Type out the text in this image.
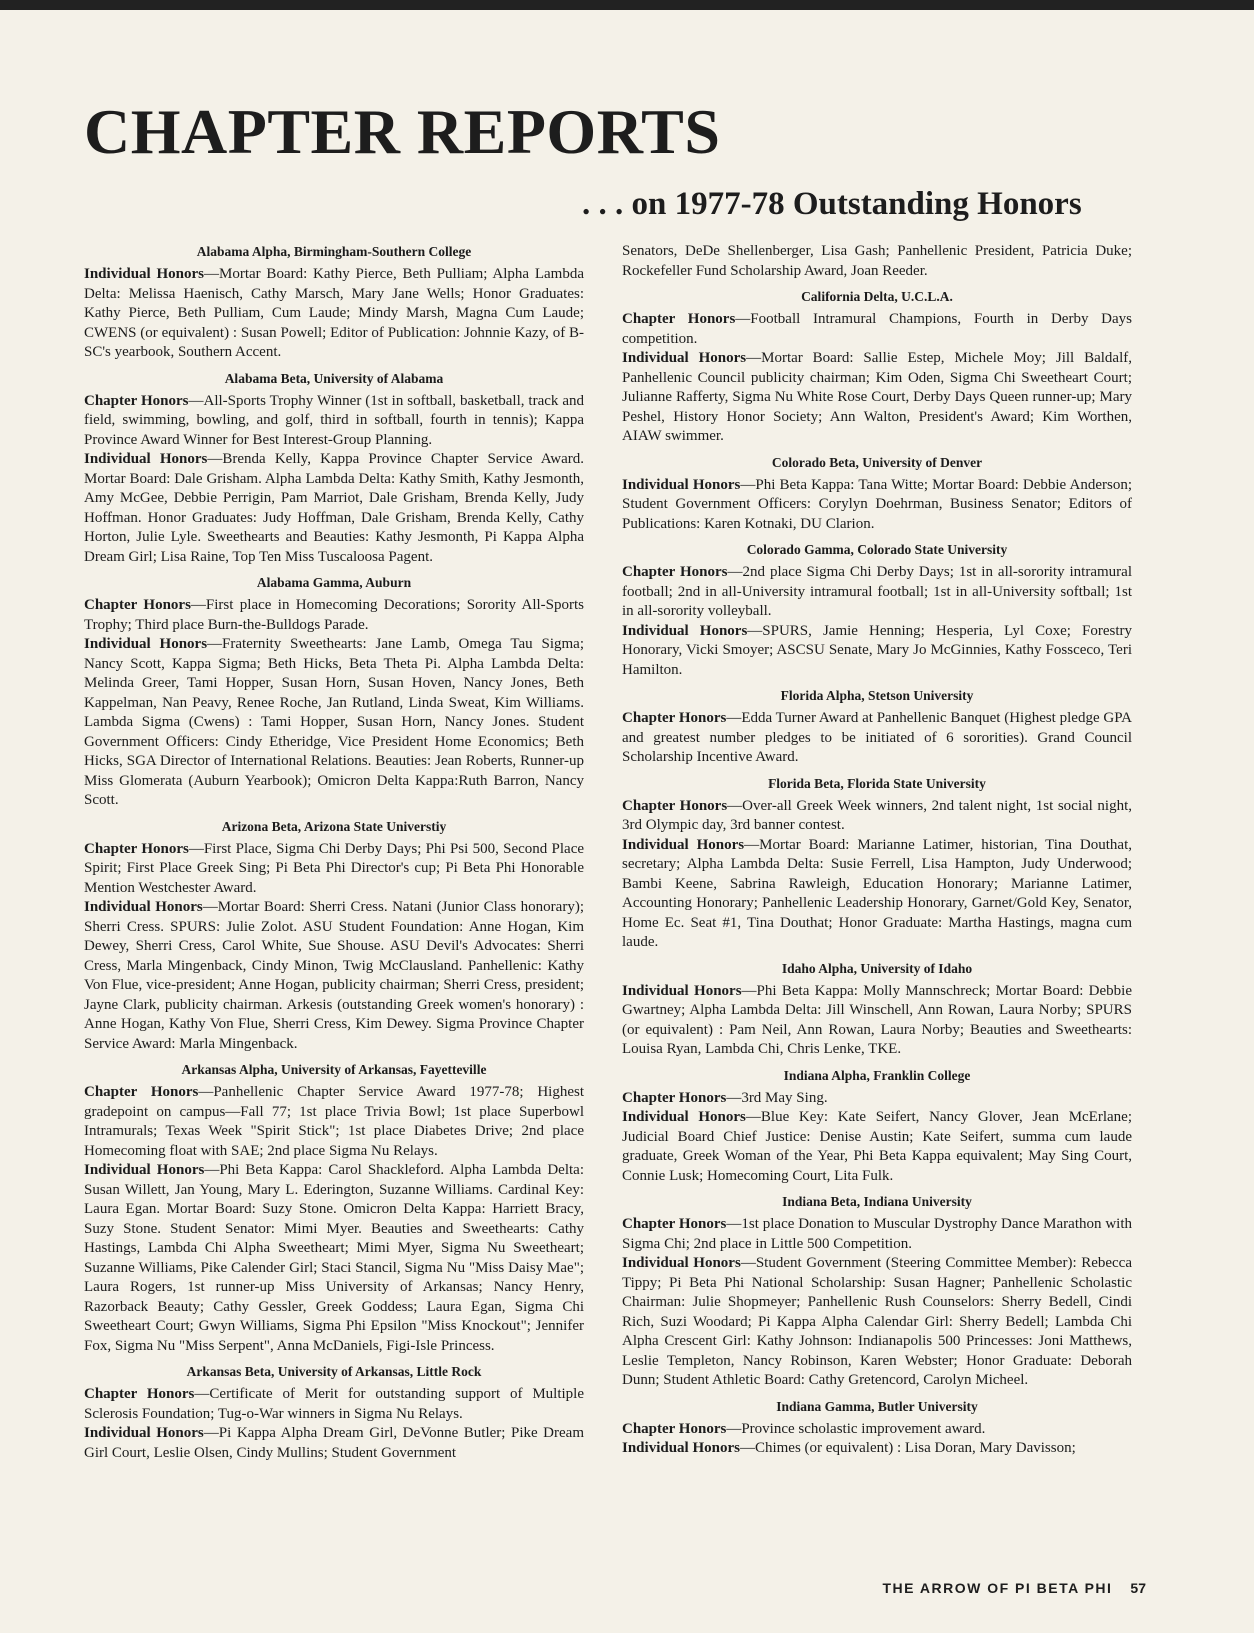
CHAPTER REPORTS
. . . on 1977-78 Outstanding Honors
Alabama Alpha, Birmingham-Southern College

Individual Honors—Mortar Board: Kathy Pierce, Beth Pulliam; Alpha Lambda Delta: Melissa Haenisch, Cathy Marsch, Mary Jane Wells; Honor Graduates: Kathy Pierce, Beth Pulliam, Cum Laude; Mindy Marsh, Magna Cum Laude; CWENS (or equivalent) : Susan Powell; Editor of Publication: Johnnie Kazy, of B-SC's yearbook, Southern Accent.

Alabama Beta, University of Alabama

Chapter Honors—All-Sports Trophy Winner (1st in softball, basketball, track and field, swimming, bowling, and golf, third in softball, fourth in tennis); Kappa Province Award Winner for Best Interest-Group Planning.

Individual Honors—Brenda Kelly, Kappa Province Chapter Service Award. Mortar Board: Dale Grisham. Alpha Lambda Delta: Kathy Smith, Kathy Jesmonth, Amy McGee, Debbie Perrigin, Pam Marriot, Dale Grisham, Brenda Kelly, Judy Hoffman. Honor Graduates: Judy Hoffman, Dale Grisham, Brenda Kelly, Cathy Horton, Julie Lyle. Sweethearts and Beauties: Kathy Jesmonth, Pi Kappa Alpha Dream Girl; Lisa Raine, Top Ten Miss Tuscaloosa Pagent.

Alabama Gamma, Auburn

Chapter Honors—First place in Homecoming Decorations; Sorority All-Sports Trophy; Third place Burn-the-Bulldogs Parade.

Individual Honors—Fraternity Sweethearts: Jane Lamb, Omega Tau Sigma; Nancy Scott, Kappa Sigma; Beth Hicks, Beta Theta Pi. Alpha Lambda Delta: Melinda Greer, Tami Hopper, Susan Horn, Susan Hoven, Nancy Jones, Beth Kappelman, Nan Peavy, Renee Roche, Jan Rutland, Linda Sweat, Kim Williams. Lambda Sigma (Cwens) : Tami Hopper, Susan Horn, Nancy Jones. Student Government Officers: Cindy Etheridge, Vice President Home Economics; Beth Hicks, SGA Director of International Relations. Beauties: Jean Roberts, Runner-up Miss Glomerata (Auburn Yearbook); Omicron Delta Kappa:Ruth Barron, Nancy Scott.

Arizona Beta, Arizona State Universtiy

Chapter Honors—First Place, Sigma Chi Derby Days; Phi Psi 500, Second Place Spirit; First Place Greek Sing; Pi Beta Phi Director's cup; Pi Beta Phi Honorable Mention Westchester Award.

Individual Honors—Mortar Board: Sherri Cress. Natani (Junior Class honorary); Sherri Cress. SPURS: Julie Zolot. ASU Student Foundation: Anne Hogan, Kim Dewey, Sherri Cress, Carol White, Sue Shouse. ASU Devil's Advocates: Sherri Cress, Marla Mingenback, Cindy Minon, Twig McClausland. Panhellenic: Kathy Von Flue, vice-president; Anne Hogan, publicity chairman; Sherri Cress, president; Jayne Clark, publicity chairman. Arkesis (outstanding Greek women's honorary) : Anne Hogan, Kathy Von Flue, Sherri Cress, Kim Dewey. Sigma Province Chapter Service Award: Marla Mingenback.

Arkansas Alpha, University of Arkansas, Fayetteville

Chapter Honors—Panhellenic Chapter Service Award 1977-78; Highest gradepoint on campus—Fall 77; 1st place Trivia Bowl; 1st place Superbowl Intramurals; Texas Week "Spirit Stick"; 1st place Diabetes Drive; 2nd place Homecoming float with SAE; 2nd place Sigma Nu Relays.

Individual Honors—Phi Beta Kappa: Carol Shackleford. Alpha Lambda Delta: Susan Willett, Jan Young, Mary L. Ederington, Suzanne Williams. Cardinal Key: Laura Egan. Mortar Board: Suzy Stone. Omicron Delta Kappa: Harriett Bracy, Suzy Stone. Student Senator: Mimi Myer. Beauties and Sweethearts: Cathy Hastings, Lambda Chi Alpha Sweetheart; Mimi Myer, Sigma Nu Sweetheart; Suzanne Williams, Pike Calender Girl; Staci Stancil, Sigma Nu "Miss Daisy Mae"; Laura Rogers, 1st runner-up Miss University of Arkansas; Nancy Henry, Razorback Beauty; Cathy Gessler, Greek Goddess; Laura Egan, Sigma Chi Sweetheart Court; Gwyn Williams, Sigma Phi Epsilon "Miss Knockout"; Jennifer Fox, Sigma Nu "Miss Serpent", Anna McDaniels, Figi-Isle Princess.

Arkansas Beta, University of Arkansas, Little Rock

Chapter Honors—Certificate of Merit for outstanding support of Multiple Sclerosis Foundation; Tug-o-War winners in Sigma Nu Relays.

Individual Honors—Pi Kappa Alpha Dream Girl, DeVonne Butler; Pike Dream Girl Court, Leslie Olsen, Cindy Mullins; Student Government

Senators, DeDe Shellenberger, Lisa Gash; Panhellenic President, Patricia Duke; Rockefeller Fund Scholarship Award, Joan Reeder.

California Delta, U.C.L.A.

Chapter Honors—Football Intramural Champions, Fourth in Derby Days competition.

Individual Honors—Mortar Board: Sallie Estep, Michele Moy; Jill Baldalf, Panhellenic Council publicity chairman; Kim Oden, Sigma Chi Sweetheart Court; Julianne Rafferty, Sigma Nu White Rose Court, Derby Days Queen runner-up; Mary Peshel, History Honor Society; Ann Walton, President's Award; Kim Worthen, AIAW swimmer.

Colorado Beta, University of Denver

Individual Honors—Phi Beta Kappa: Tana Witte; Mortar Board: Debbie Anderson; Student Government Officers: Corylyn Doehrman, Business Senator; Editors of Publications: Karen Kotnaki, DU Clarion.

Colorado Gamma, Colorado State University

Chapter Honors—2nd place Sigma Chi Derby Days; 1st in all-sorority intramural football; 2nd in all-University intramural football; 1st in all-University softball; 1st in all-sorority volleyball.

Individual Honors—SPURS, Jamie Henning; Hesperia, Lyl Coxe; Forestry Honorary, Vicki Smoyer; ASCSU Senate, Mary Jo McGinnies, Kathy Fossceco, Teri Hamilton.

Florida Alpha, Stetson University

Chapter Honors—Edda Turner Award at Panhellenic Banquet (Highest pledge GPA and greatest number pledges to be initiated of 6 sororities). Grand Council Scholarship Incentive Award.

Florida Beta, Florida State University

Chapter Honors—Over-all Greek Week winners, 2nd talent night, 1st social night, 3rd Olympic day, 3rd banner contest.

Individual Honors—Mortar Board: Marianne Latimer, historian, Tina Douthat, secretary; Alpha Lambda Delta: Susie Ferrell, Lisa Hampton, Judy Underwood; Bambi Keene, Sabrina Rawleigh, Education Honorary; Marianne Latimer, Accounting Honorary; Panhellenic Leadership Honorary, Garnet/Gold Key, Senator, Home Ec. Seat #1, Tina Douthat; Honor Graduate: Martha Hastings, magna cum laude.

Idaho Alpha, University of Idaho

Individual Honors—Phi Beta Kappa: Molly Mannschreck; Mortar Board: Debbie Gwartney; Alpha Lambda Delta: Jill Winschell, Ann Rowan, Laura Norby; SPURS (or equivalent) : Pam Neil, Ann Rowan, Laura Norby; Beauties and Sweethearts: Louisa Ryan, Lambda Chi, Chris Lenke, TKE.

Indiana Alpha, Franklin College

Chapter Honors—3rd May Sing.

Individual Honors—Blue Key: Kate Seifert, Nancy Glover, Jean McErlane; Judicial Board Chief Justice: Denise Austin; Kate Seifert, summa cum laude graduate, Greek Woman of the Year, Phi Beta Kappa equivalent; May Sing Court, Connie Lusk; Homecoming Court, Lita Fulk.

Indiana Beta, Indiana University

Chapter Honors—1st place Donation to Muscular Dystrophy Dance Marathon with Sigma Chi; 2nd place in Little 500 Competition.

Individual Honors—Student Government (Steering Committee Member): Rebecca Tippy; Pi Beta Phi National Scholarship: Susan Hagner; Panhellenic Scholastic Chairman: Julie Shopmeyer; Panhellenic Rush Counselors: Sherry Bedell, Cindi Rich, Suzi Woodard; Pi Kappa Alpha Calendar Girl: Sherry Bedell; Lambda Chi Alpha Crescent Girl: Kathy Johnson: Indianapolis 500 Princesses: Joni Matthews, Leslie Templeton, Nancy Robinson, Karen Webster; Honor Graduate: Deborah Dunn; Student Athletic Board: Cathy Gretencord, Carolyn Micheel.

Indiana Gamma, Butler University

Chapter Honors—Province scholastic improvement award.

Individual Honors—Chimes (or equivalent) : Lisa Doran, Mary Davisson;

THE ARROW OF PI BETA PHI 57
